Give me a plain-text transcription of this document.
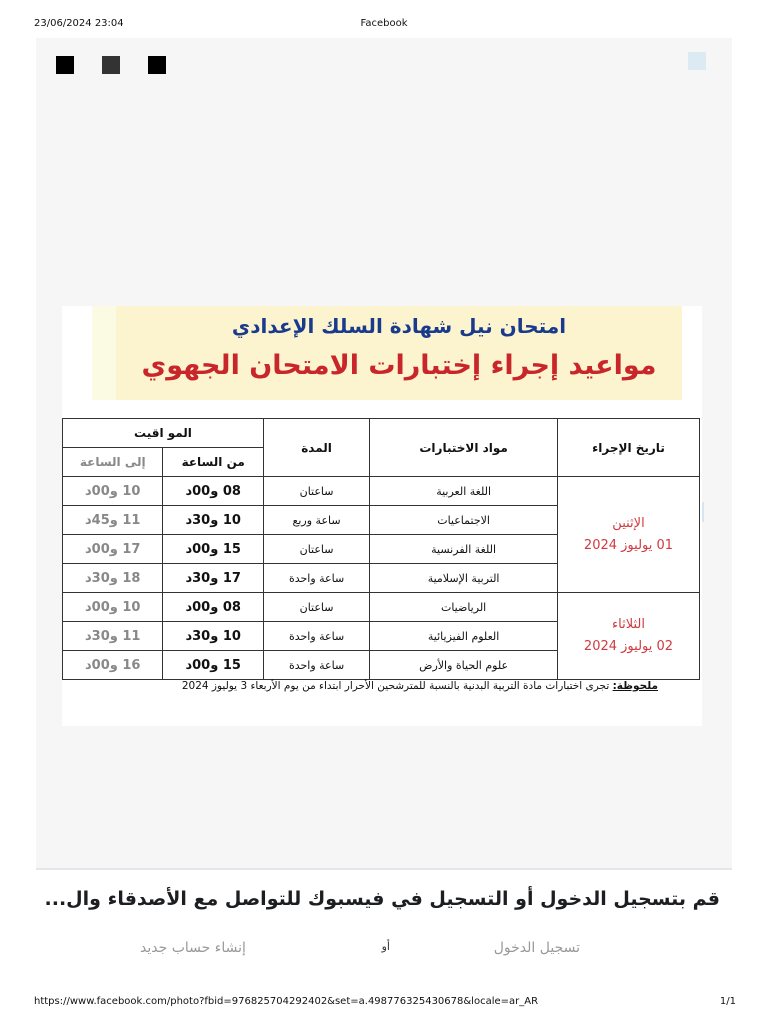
23/06/2024 23:04	Facebook
امتحان نيل شهادة السلك الإعدادي
مواعيد إجراء إختبارات الامتحان الجهوي
تاريخ الإجراء	مواد الاختبارات	المدة	المو اقيت	
			من الساعة	إلى الساعة

الإثنين
01 يوليوز 2024	اللغة العربية	ساعتان	08 و00د	10 و00د
	الاجتماعيات	ساعة وربع	10 و30د	11 و45د
	اللغة الفرنسية	ساعتان	15 و00د	17 و00د
	التربية الإسلامية	ساعة واحدة	17 و30د	18 و30د

الثلاثاء
02 يوليوز 2024	الرياضيات	ساعتان	08 و00د	10 و00د
	العلوم الفيزيائية	ساعة واحدة	10 و30د	11 و30د
	علوم الحياة والأرض	ساعة واحدة	15 و00د	16 و00د
ملحوظة: تجرى اختبارات مادة التربية البدنية بالنسبة للمترشحين الأحرار ابتداء من يوم الأربعاء 3 يوليوز 2024
قم بتسجيل الدخول أو التسجيل في فيسبوك للتواصل مع الأصدقاء وال...
تسجيل الدخول
أو
إنشاء حساب جديد
https://www.facebook.com/photo?fbid=976825704292402&set=a.498776325430678&locale=ar_AR	1/1
